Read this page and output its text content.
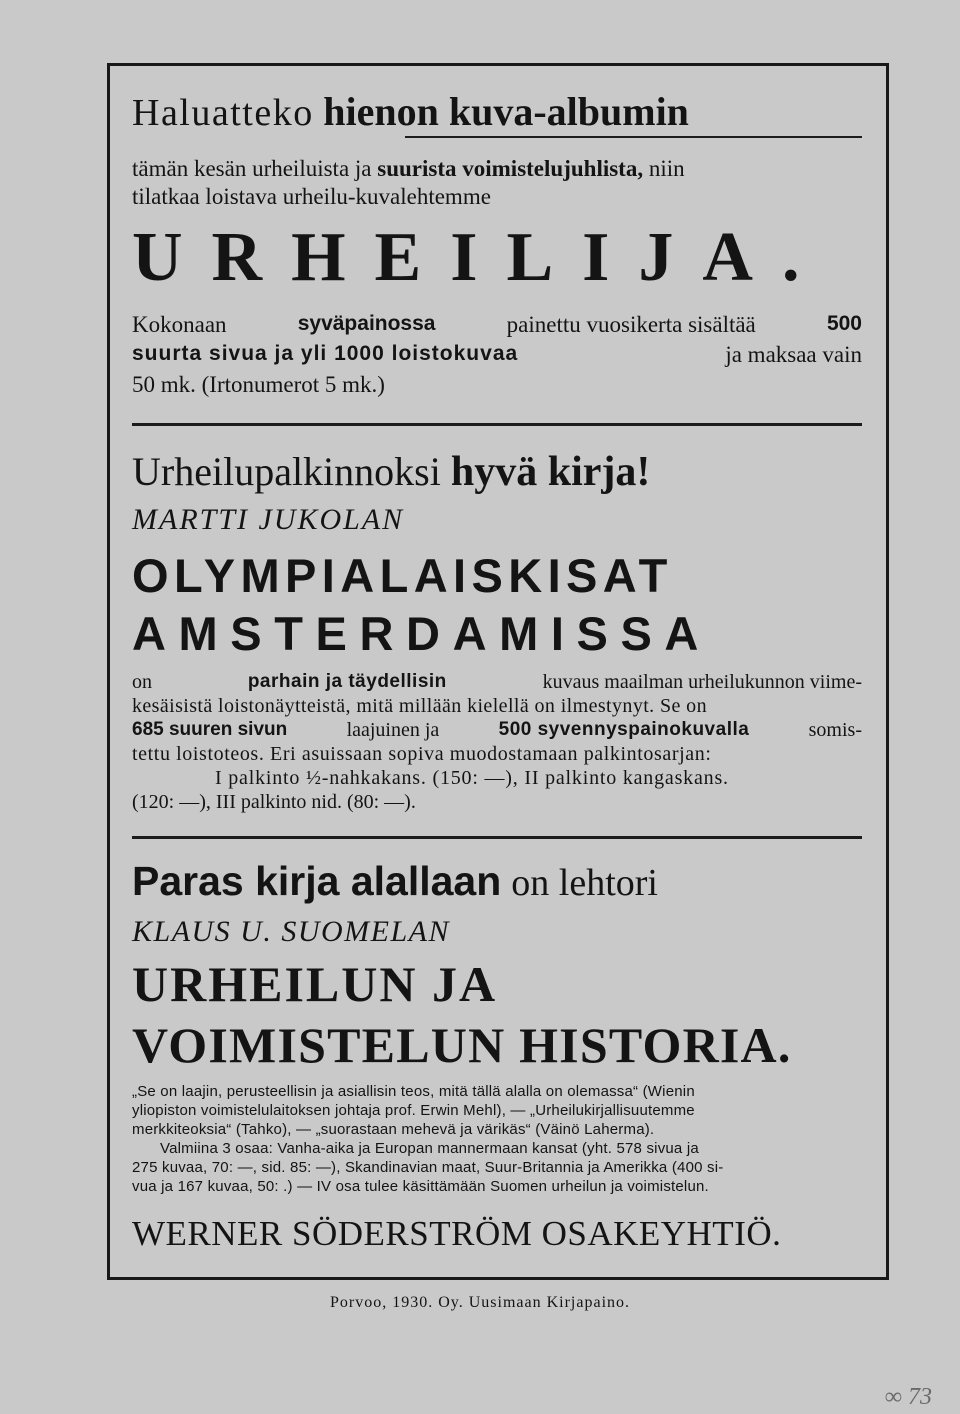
Haluatteko hienon kuva-albumin
tämän kesän urheiluista ja suurista voimistelujuhlista, niin
tilatkaa loistava urheilu-kuvalehtemme
URHEILIJA.
Kokonaan	syväpainossa	painettu vuosikerta sisältää	500
suurta sivua ja yli 1000 loistokuvaa	ja maksaa vain
50 mk. (Irtonumerot 5 mk.)
Urheilupalkinnoksi hyvä kirja!
MARTTI JUKOLAN
OLYMPIALAISKISAT
AMSTERDAMISSA
on	parhain ja täydellisin	kuvaus maailman urheilukunnon viime-
kesäisistä loistonäytteistä, mitä millään kielellä on ilmestynyt. Se on
685 suuren sivun	laajuinen ja	500 syvennyspainokuvalla	somis-
tettu loistoteos. Eri asuissaan sopiva muodostamaan palkintosarjan:
I palkinto ½-nahkakans. (150: —), II palkinto kangaskans.
(120: —), III palkinto nid. (80: —).
Paras kirja alallaan on lehtori
KLAUS U. SUOMELAN
URHEILUN JA
VOIMISTELUN HISTORIA.
„Se on laajin, perusteellisin ja asiallisin teos, mitä tällä alalla on olemassa“ (Wienin
yliopiston voimistelulaitoksen johtaja prof. Erwin Mehl), — „Urheilukirjallisuutemme
merkkiteoksia“ (Tahko), — „suorastaan mehevä ja värikäs“ (Väinö Laherma).
Valmiina 3 osaa: Vanha-aika ja Europan mannermaan kansat (yht. 578 sivua ja
275 kuvaa, 70: —, sid. 85: —), Skandinavian maat, Suur-Britannia ja Amerikka (400 si-
vua ja 167 kuvaa, 50: .) — IV osa tulee käsittämään Suomen urheilun ja voimistelun.
WERNER SÖDERSTRÖM OSAKEYHTIÖ.
Porvoo, 1930. Oy. Uusimaan Kirjapaino.
∞ 73
